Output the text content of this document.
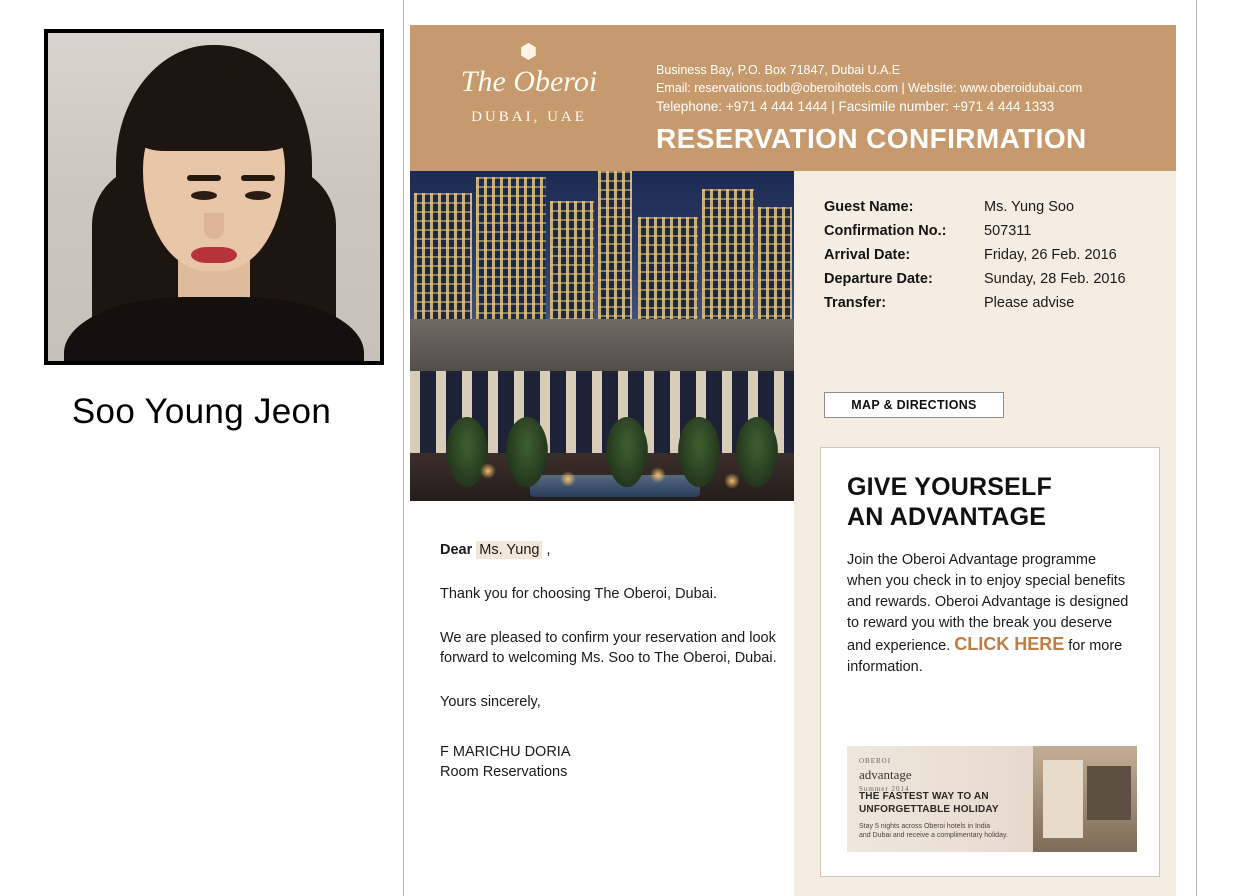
Soo Young Jeon
⬢
The Oberoi
DUBAI, UAE
Business Bay, P.O. Box 71847, Dubai U.A.E
Email: reservations.todb@oberoihotels.com | Website: www.oberoidubai.com
Telephone: +971 4 444 1444 | Facsimile number: +971 4 444 1333
RESERVATION CONFIRMATION

Dear Ms. Yung ,

Thank you for choosing The Oberoi, Dubai.

We are pleased to confirm your reservation and look forward to welcoming Ms. Soo to The Oberoi, Dubai.

Yours sincerely,

F MARICHU DORIA
Room Reservations
Guest Name:	Ms. Yung Soo
Confirmation No.:	507311
Arrival Date:	Friday, 26 Feb. 2016
Departure Date:	Sunday, 28 Feb. 2016
Transfer:	Please advise
MAP & DIRECTIONS
GIVE YOURSELF
AN ADVANTAGE
Join the Oberoi Advantage programme when you check in to enjoy special benefits and rewards. Oberoi Advantage is designed to reward you with the break you deserve and experience. CLICK HERE for more information.
OBEROI
advantage
Summer 2014
THE FASTEST WAY TO AN
UNFORGETTABLE HOLIDAY
Stay 5 nights across Oberoi hotels in India
and Dubai and receive a complimentary holiday.
